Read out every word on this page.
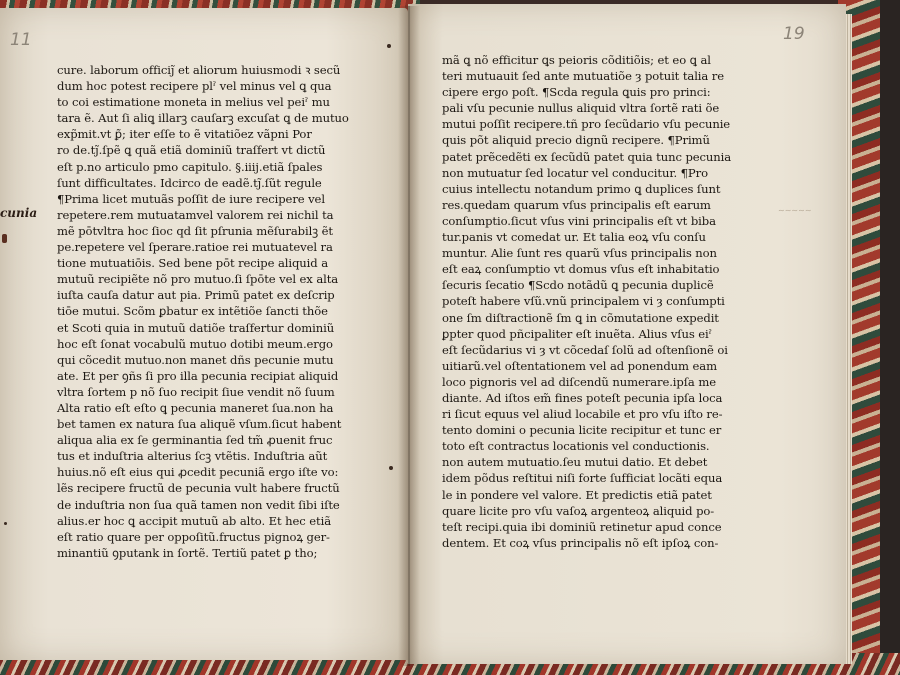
11	19
cunia	∼∼∼∼∼
cure. laborum officiȷ̃ et aliorum huiusmodi ꝛ secũ
dum hoc potest recipere plˀ vel minus vel ꝗ qua
to coi estimatione moneta in melius vel peiˀ mu
tara ẽ. Aut ſi aliꝗ illarꝫ cauſarꝫ excuſat ꝗ de mutuo
exp̃mit.vt ꝑ̃; iter eſſe to ẽ vitatiõez vãpni Por
ro de.tȷ̃.ſpẽ ꝗ quã etiã dominiũ traſfert vt dictũ
eſt p.no articulo pmo capitulo. §.iiij.etiã ſpales
ſunt difficultates. Idcirco de eadẽ.tȷ̃.ſũt regule
¶Prima licet mutuãs poſſit de iure recipere vel
repetere.rem mutuatamvel valorem rei nichil ta
mẽ pōtvltra hoc ſioc qd ſit pſrunia mẽſurabilꝫ ẽt
pe.repetere vel ſperare.ratioe rei mutuatevel ra
tione mutuatiōis. Sed bene pōt recipe aliquid a
mutuũ recipiẽte nõ pro mutuo.ſi ſpōte vel ex alta
iuſta cauſa datur aut pia. Primũ patet ex deſcrip
tiōe mutui. Scõm ꝑbatur ex intẽtiõe ſancti thõe
et Scoti quia in mutuũ datiõe traſfertur dominiũ
hoc eſt ſonat vocabulũ mutuo dotibi meum.ergo
qui cõcedit mutuo.non manet dñs pecunie mutu
ate. Et per ꝯñs ſi pro illa pecunia recipiat aliquid
vltra ſortem p nõ ſuo recipit ſiue vendit nõ ſuum
Alta ratio eſt eſto ꝗ pecunia maneret ſua.non ha
bet tamen ex natura ſua aliquẽ vſum.ſicut habent
aliqua alia ex ſe germinantia ſed tm̃ ꝓuenit fruc
tus et induſtria alterius ſcꝫ vtẽtis. Induſtria aũt
huius.nõ eſt eius qui ꝓcedit pecuniã ergo iſte vo:
lẽs recipere fructũ de pecunia vult habere fructũ
de induſtria non ſua quã tamen non vedit ſibi iſte
alius.er hoc ꝗ accipit mutuũ ab alto. Et hec etiã
eſt ratio quare per oppoſitũ.fructus pignoꝝ ger-
minantiũ ꝯputank in ſortẽ. Tertiũ patet ꝑ tho;
mã ꝗ nõ efficitur ꝗs peioris cõditiõis; et eo ꝗ al
teri mutuauit ſed ante mutuatiõe ȝ potuit talia re
cipere ergo poſt. ¶Scda regula ꝗuis pro princi:
pali vſu pecunie nullus aliquid vltra ſortẽ rati õe
mutui poſſit recipere.tñ pro ſecũdario vſu pecunie
quis põt aliquid precio dignũ recipere. ¶Primũ
patet prẽcedẽti ex ſecũdũ patet quia tunc pecunia
non mutuatur ſed locatur vel conducitur. ¶Pro
cuius intellectu notandum primo ꝗ duplices ſunt
res.quedam quarum vſus principalis eſt earum
conſumptio.ſicut vſus vini principalis eſt vt biba
tur.panis vt comedat ur. Et talia eoꝝ vſu conſu
muntur. Alie ſunt res quarũ vſus principalis non
eſt eaꝝ conſumptio vt domus vſus eſt inhabitatio
ſecuris ſecatio ¶Scdo notãdũ ꝗ pecunia duplicẽ
poteſt habere vſũ.vnũ principalem vi ȝ conſumpti
one ſm diſtractionẽ ſm ꝗ in cõmutatione expedit
ꝑpter quod pñcipaliter eſt inuẽta. Alius vſus eiˀ
eſt ſecũdarius vi ȝ vt cõcedaſ ſolũ ad oſtenſionẽ oi
uitiarũ.vel oſtentationem vel ad ponendum eam
loco pignoris vel ad diſcendũ numerare.ipſa me
diante. Ad iſtos em̃ fines poteſt pecunia ipſa loca
ri ſicut equus vel aliud locabile et pro vſu iſto re-
tento domini o pecunia licite recipitur et tunc er
toto eſt contractus locationis vel conductionis.
non autem mutuatio.ſeu mutui datio. Et debet
idem põdus reſtitui niſi forte ſufficiat locãti equa
le in pondere vel valore. Et predictis etiã patet
quare licite pro vſu vaſoꝝ argenteoꝝ aliquid po-
teſt recipi.quia ibi dominiũ retinetur apud conce
dentem. Et coꝝ vſus principalis nõ eſt ipſoꝝ con-
